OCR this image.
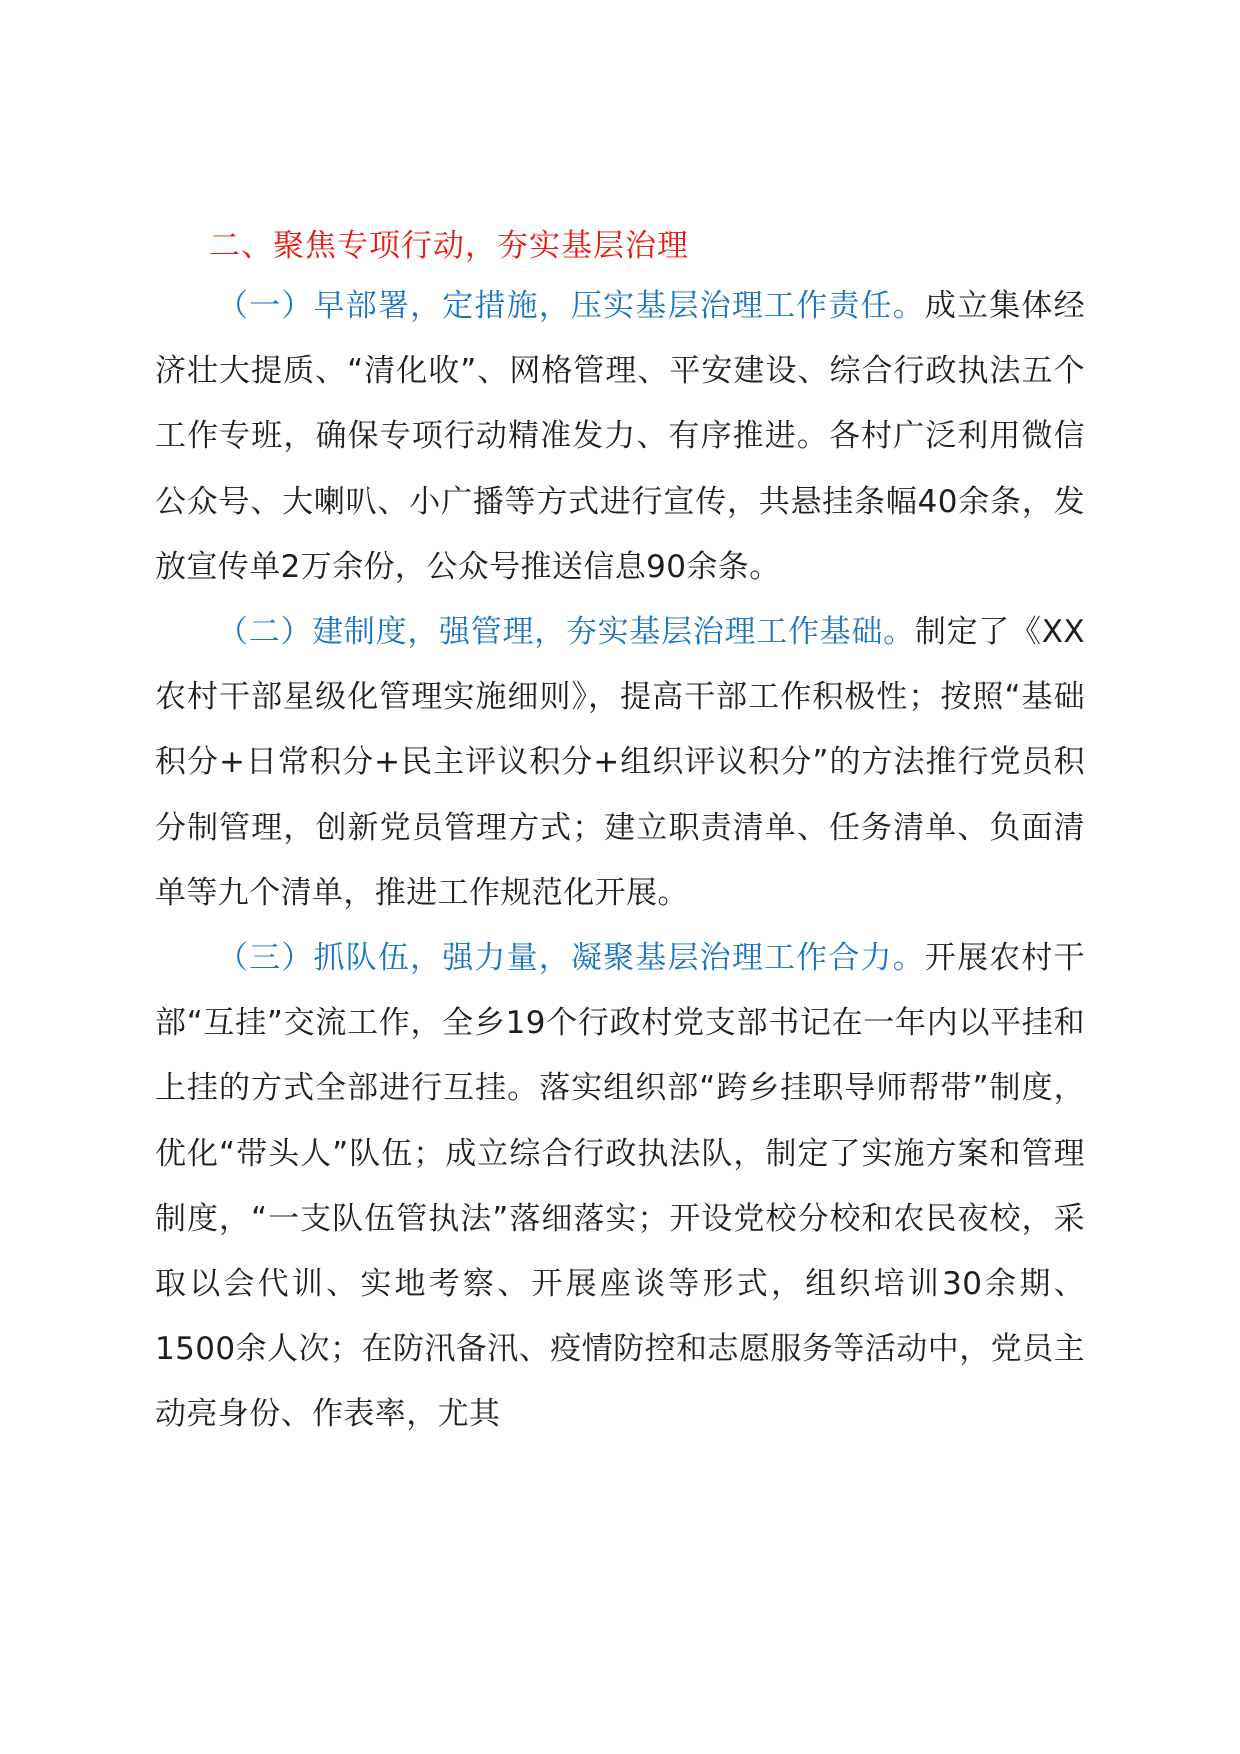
二、聚焦专项行动，夯实基层治理

（一）早部署，定措施，压实基层治理工作责任。成立集体经济壮大提质、“清化收”、网格管理、平安建设、综合行政执法五个工作专班，确保专项行动精准发力、有序推进。各村广泛利用微信公众号、大喇叭、小广播等方式进行宣传，共悬挂条幅40余条，发放宣传单2万余份，公众号推送信息90余条。

（二）建制度，强管理，夯实基层治理工作基础。制定了《XX农村干部星级化管理实施细则》，提高干部工作积极性；按照“基础积分+日常积分+民主评议积分+组织评议积分”的方法推行党员积分制管理，创新党员管理方式；建立职责清单、任务清单、负面清单等九个清单，推进工作规范化开展。

（三）抓队伍，强力量，凝聚基层治理工作合力。开展农村干部“互挂”交流工作，全乡19个行政村党支部书记在一年内以平挂和上挂的方式全部进行互挂。落实组织部“跨乡挂职导师帮带”制度，优化“带头人”队伍；成立综合行政执法队，制定了实施方案和管理制度，“一支队伍管执法”落细落实；开设党校分校和农民夜校，采取以会代训、实地考察、开展座谈等形式，组织培训30余期、1500余人次；在防汛备汛、疫情防控和志愿服务等活动中，党员主动亮身份、作表率，尤其
